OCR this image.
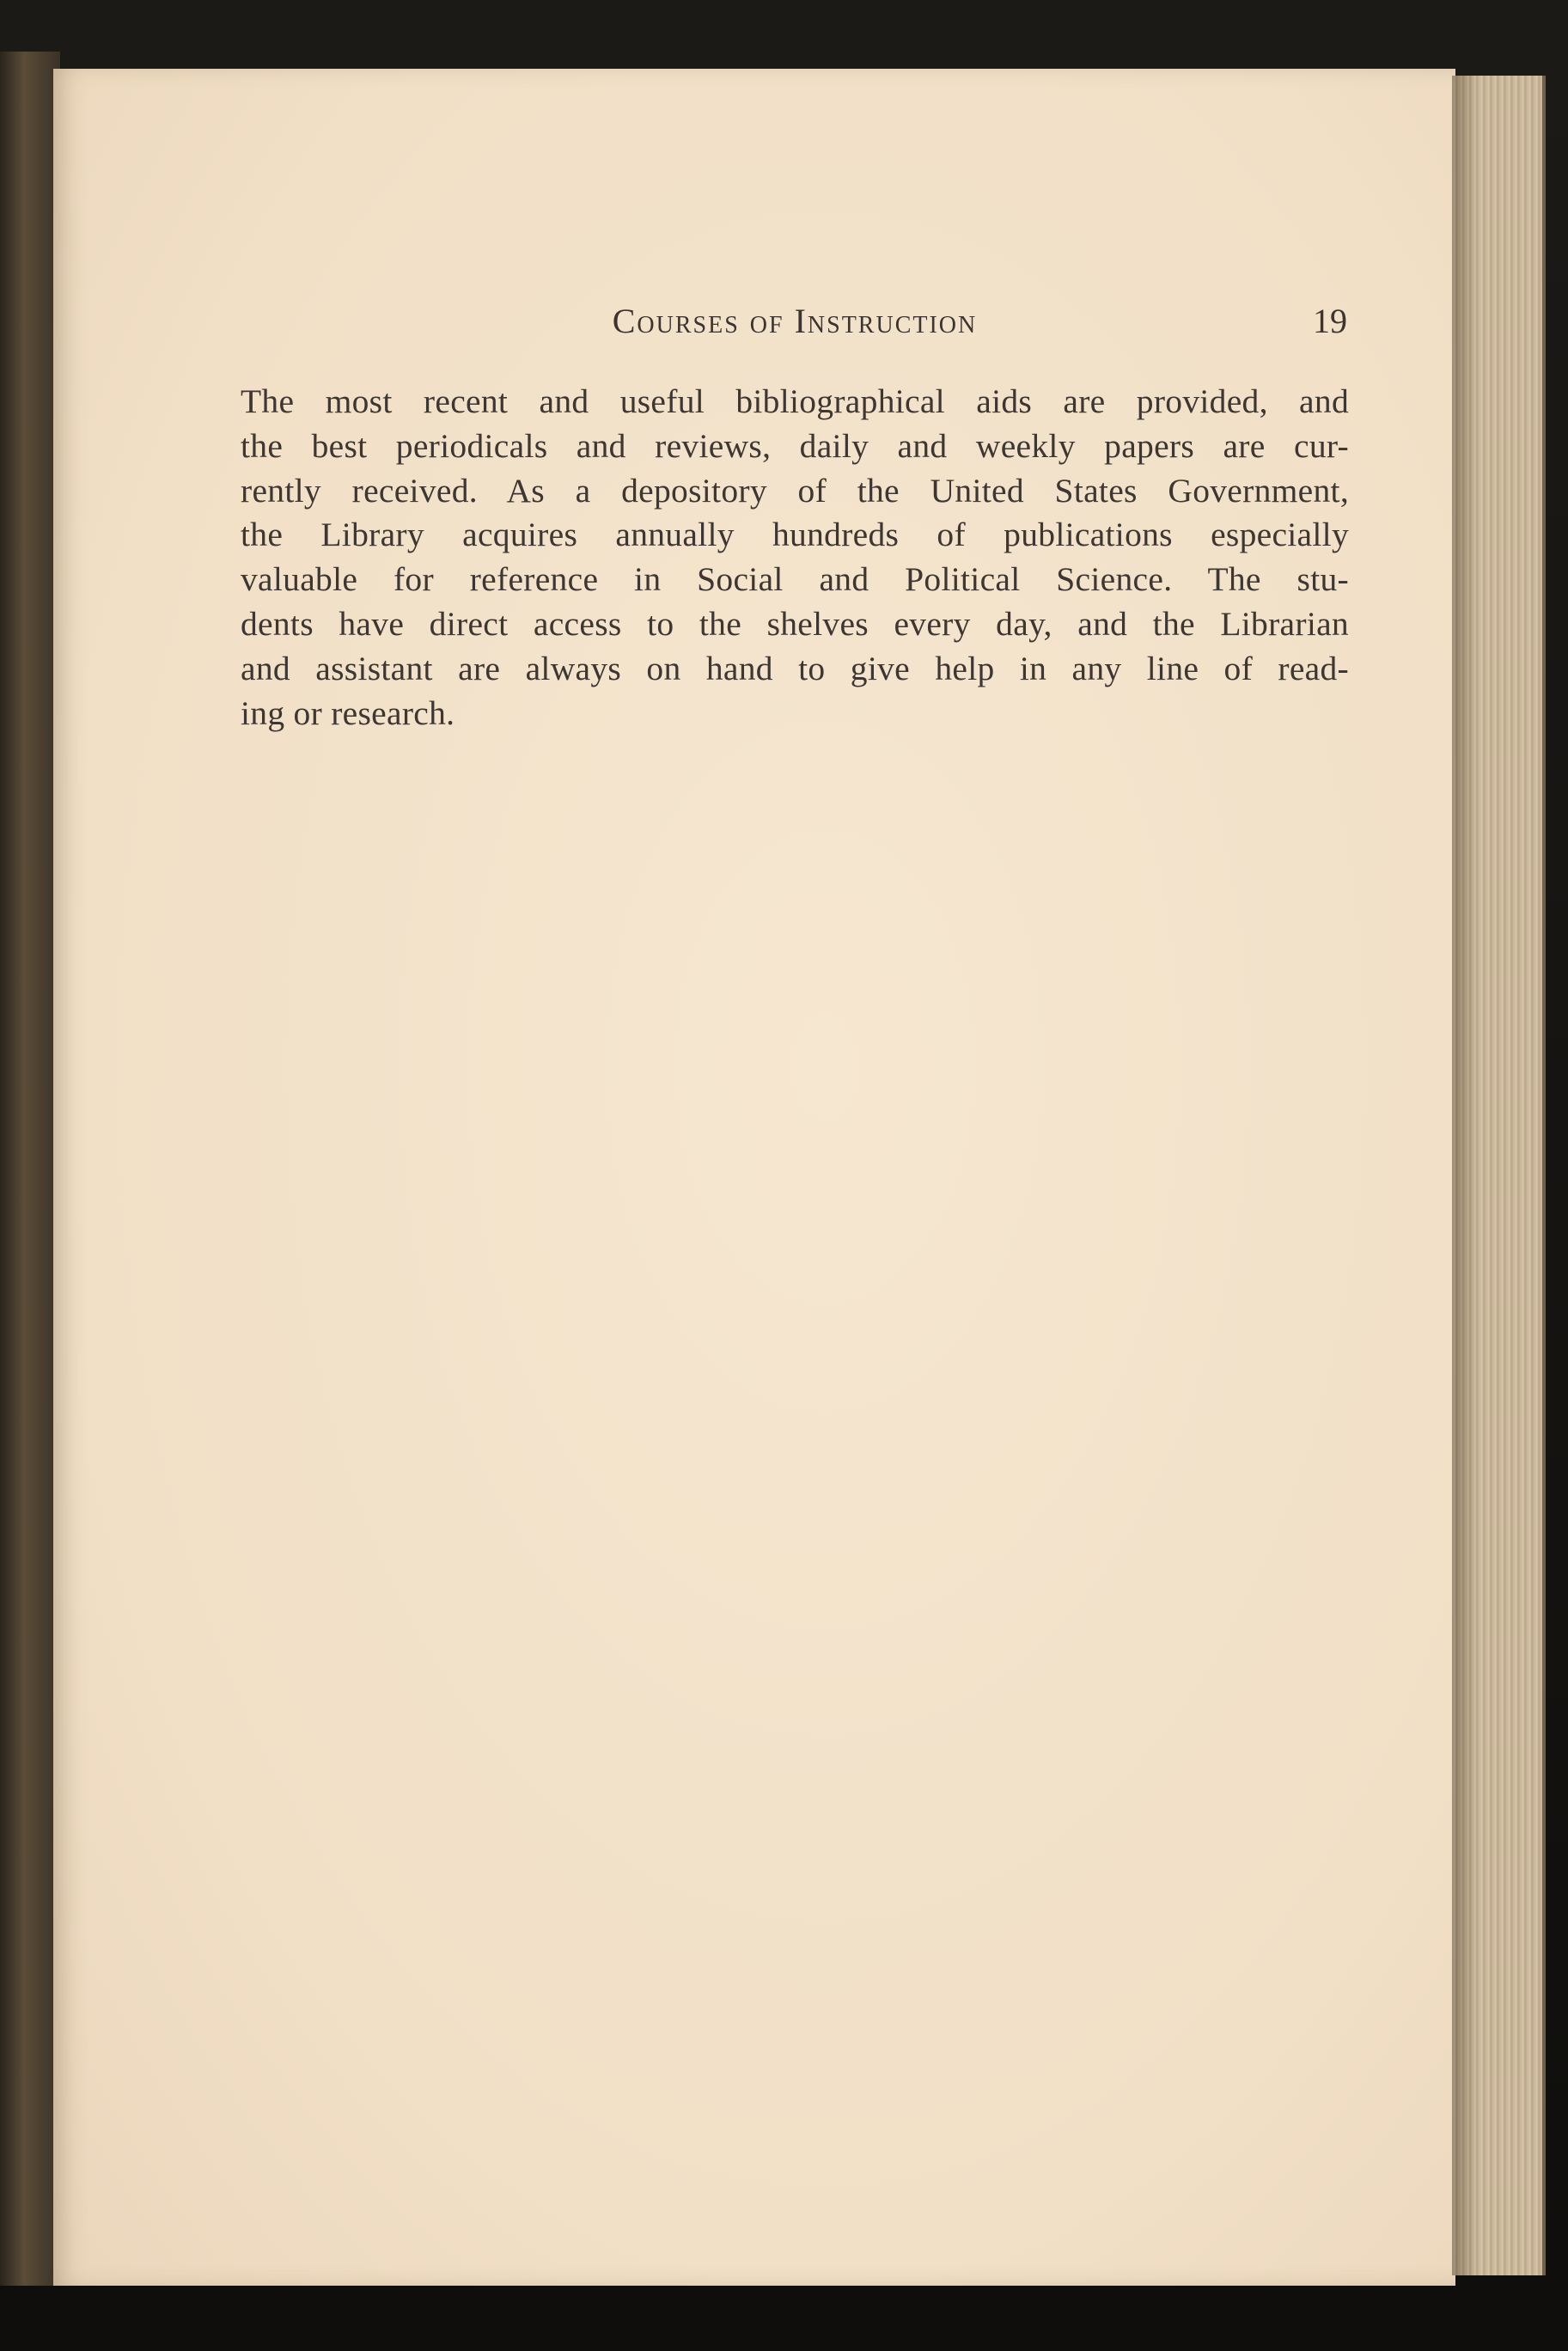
Courses of Instruction	19
The most recent and useful bibliographical aids are provided, and
the best periodicals and reviews, daily and weekly papers are cur-
rently received. As a depository of the United States Government,
the Library acquires annually hundreds of publications especially
valuable for reference in Social and Political Science. The stu-
dents have direct access to the shelves every day, and the Librarian
and assistant are always on hand to give help in any line of read-
ing or research.
